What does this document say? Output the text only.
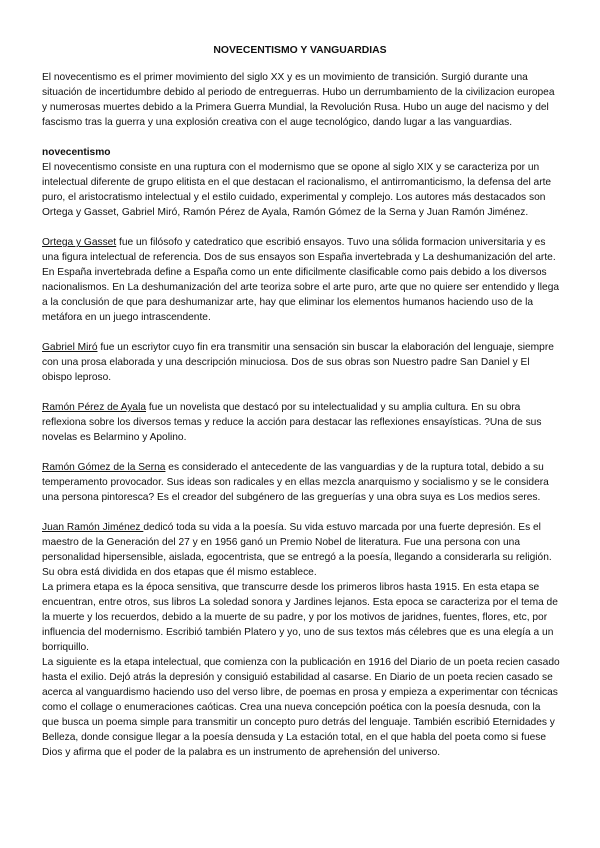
NOVECENTISMO Y VANGUARDIAS

El novecentismo es el primer movimiento del siglo XX y es un movimiento de transición. Surgió durante una situación de incertidumbre debido al periodo de entreguerras. Hubo un derrumbamiento de la civilizacion europea y numerosas muertes debido a la Primera Guerra Mundial, la Revolución Rusa. Hubo un auge del nacismo y del fascismo tras la guerra y una explosión creativa con el auge tecnológico, dando lugar a las vanguardias.

novecentismo

El novecentismo consiste en una ruptura con el modernismo que se opone al siglo XIX y se caracteriza por un intelectual diferente de grupo elitista en el que destacan el racionalismo, el antirromanticismo, la defensa del arte puro, el aristocratismo intelectual y el estilo cuidado, experimental y complejo. Los autores más destacados son Ortega y Gasset, Gabriel Miró, Ramón Pérez de Ayala, Ramón Gómez de la Serna y Juan Ramón Jiménez.

Ortega y Gasset fue un filósofo y catedratico que escribió ensayos. Tuvo una sólida formacion universitaria y es una figura intelectual de referencia. Dos de sus ensayos son España invertebrada y La deshumanización del arte. En España invertebrada define a España como un ente dificilmente clasificable como pais debido a los diversos nacionalismos. En La deshumanización del arte teoriza sobre el arte puro, arte que no quiere ser entendido y llega a la conclusión de que para deshumanizar arte, hay que eliminar los elementos humanos haciendo uso de la metáfora en un juego intrascendente.

Gabriel Miró fue un escriytor cuyo fin era transmitir una sensación sin buscar la elaboración del lenguaje, siempre con una prosa elaborada y una descripción minuciosa. Dos de sus obras son Nuestro padre San Daniel y El obispo leproso.

Ramón Pérez de Ayala fue un novelista que destacó por su intelectualidad y su amplia cultura. En su obra reflexiona sobre los diversos temas y reduce la acción para destacar las reflexiones ensayísticas. ?Una de sus novelas es Belarmino y Apolino.

Ramón Gómez de la Serna es considerado el antecedente de las vanguardias y de la ruptura total, debido a su temperamento provocador. Sus ideas son radicales y en ellas mezcla anarquismo y socialismo y se le considera una persona pintoresca? Es el creador del subgénero de las greguerías y una obra suya es Los medios seres.

Juan Ramón Jiménez dedicó toda su vida a la poesía. Su vida estuvo marcada por una fuerte depresión. Es el maestro de la Generación del 27 y en 1956 ganó un Premio Nobel de literatura. Fue una persona con una personalidad hipersensible, aislada, egocentrista, que se entregó a la poesía, llegando a considerarla su religión. Su obra está dividida en dos etapas que él mismo establece.

La primera etapa es la época sensitiva, que transcurre desde los primeros libros hasta 1915. En esta etapa se encuentran, entre otros, sus libros La soledad sonora y Jardines lejanos. Esta epoca se caracteriza por el tema de la muerte y los recuerdos, debido a la muerte de su padre, y por los motivos de jaridnes, fuentes, flores, etc, por influencia del modernismo. Escribió también Platero y yo, uno de sus textos más célebres que es una elegía a un borriquillo.

La siguiente es la etapa intelectual, que comienza con la publicación en 1916 del Diario de un poeta recien casado hasta el exilio. Dejó atrás la depresión y consiguió estabilidad al casarse. En Diario de un poeta recien casado se acerca al vanguardismo haciendo uso del verso libre, de poemas en prosa y empieza a experimentar con técnicas como el collage o enumeraciones caóticas. Crea una nueva concepción poética con la poesía desnuda, con la que busca un poema simple para transmitir un concepto puro detrás del lenguaje. También escribió Eternidades y Belleza, donde consigue llegar a la poesía densuda y La estación total, en el que habla del poeta como si fuese Dios y afirma que el poder de la palabra es un instrumento de aprehensión del universo.
